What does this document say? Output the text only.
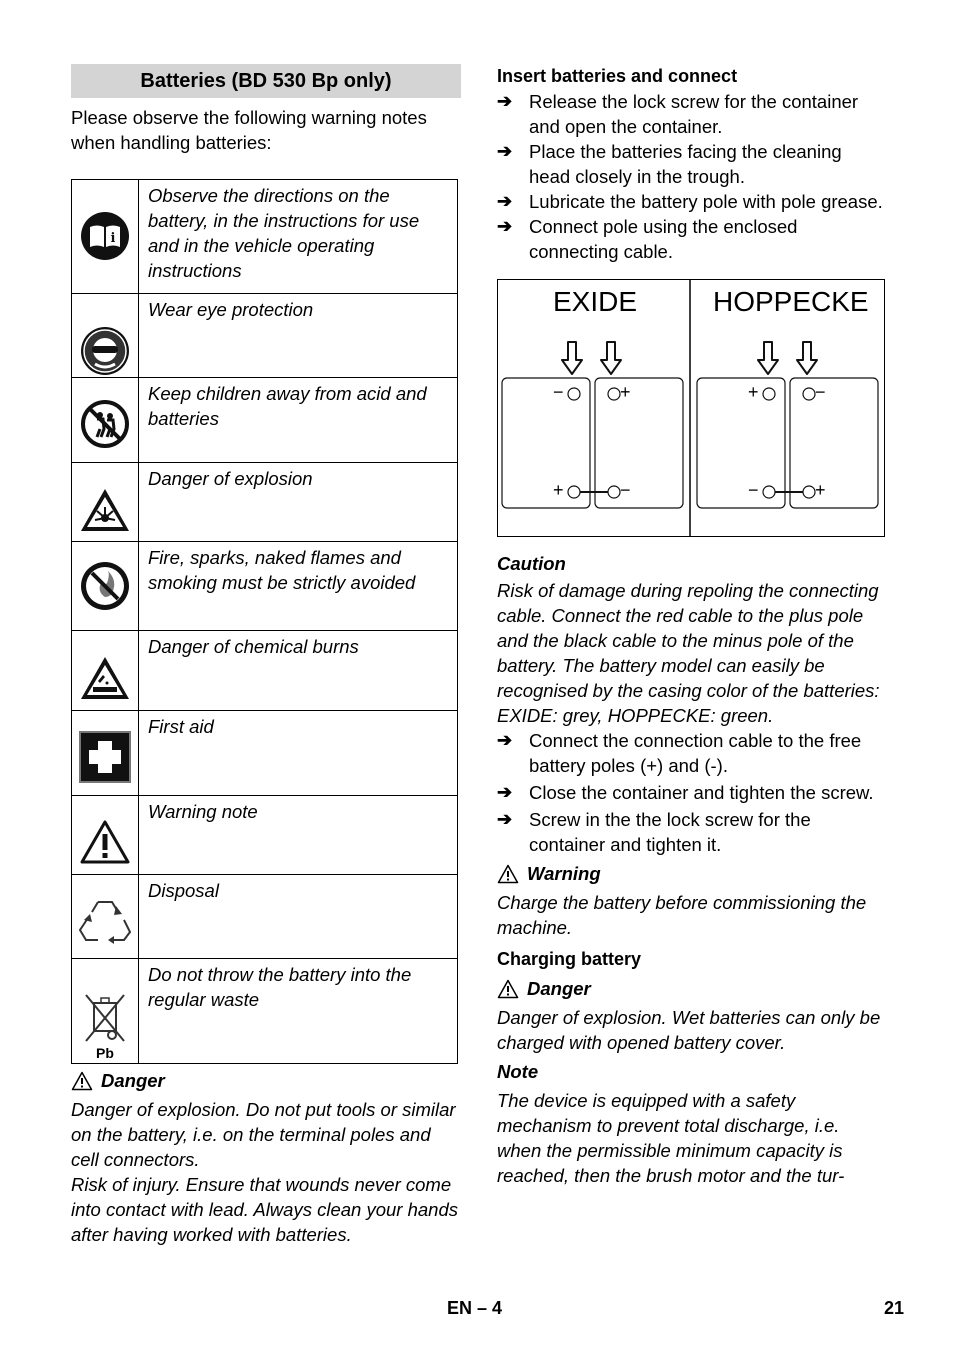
Batteries (BD 530 Bp only)

Please observe the following warning notes when handling batteries:

i	Observe the directions on the battery, in the instructions for use and in the vehicle operating instructions

	Wear eye protection

	Keep children away from acid and batteries

	Danger of explosion

	Fire, sparks, naked flames and smoking must be strictly avoided

	Danger of chemical burns

	First aid

	Warning note

	Disposal

Pb	Do not throw the battery into the regular waste
Danger

Danger of explosion. Do not put tools or similar on the battery, i.e. on the terminal poles and cell connectors.

Risk of injury. Ensure that wounds never come into contact with lead. Always clean your hands after having worked with batteries.

Insert batteries and connect

➔ Release the lock screw for the container and open the container.
➔ Place the batteries facing the cleaning head closely in the trough.
➔ Lubricate the battery pole with pole grease.
➔ Connect pole using the enclosed connecting cable.
EXIDE	HOPPECKE
−	+
+	−
+	−
−	+

Caution

Risk of damage during repoling the connecting cable. Connect the red cable to the plus pole and the black cable to the minus pole of the battery. The battery model can easily be recognised by the casing color of the batteries: EXIDE: grey, HOPPECKE: green.

➔ Connect the connection cable to the free battery poles (+) and (-).
➔ Close the container and tighten the screw.
➔ Screw in the the lock screw for the container and tighten it.
Warning

Charge the battery before commissioning the machine.

Charging battery

Danger

Danger of explosion. Wet batteries can only be charged with opened battery cover.

Note

The device is equipped with a safety mechanism to prevent total discharge, i.e. when the permissible minimum capacity is reached, then the brush motor and the tur-

EN – 4	21
